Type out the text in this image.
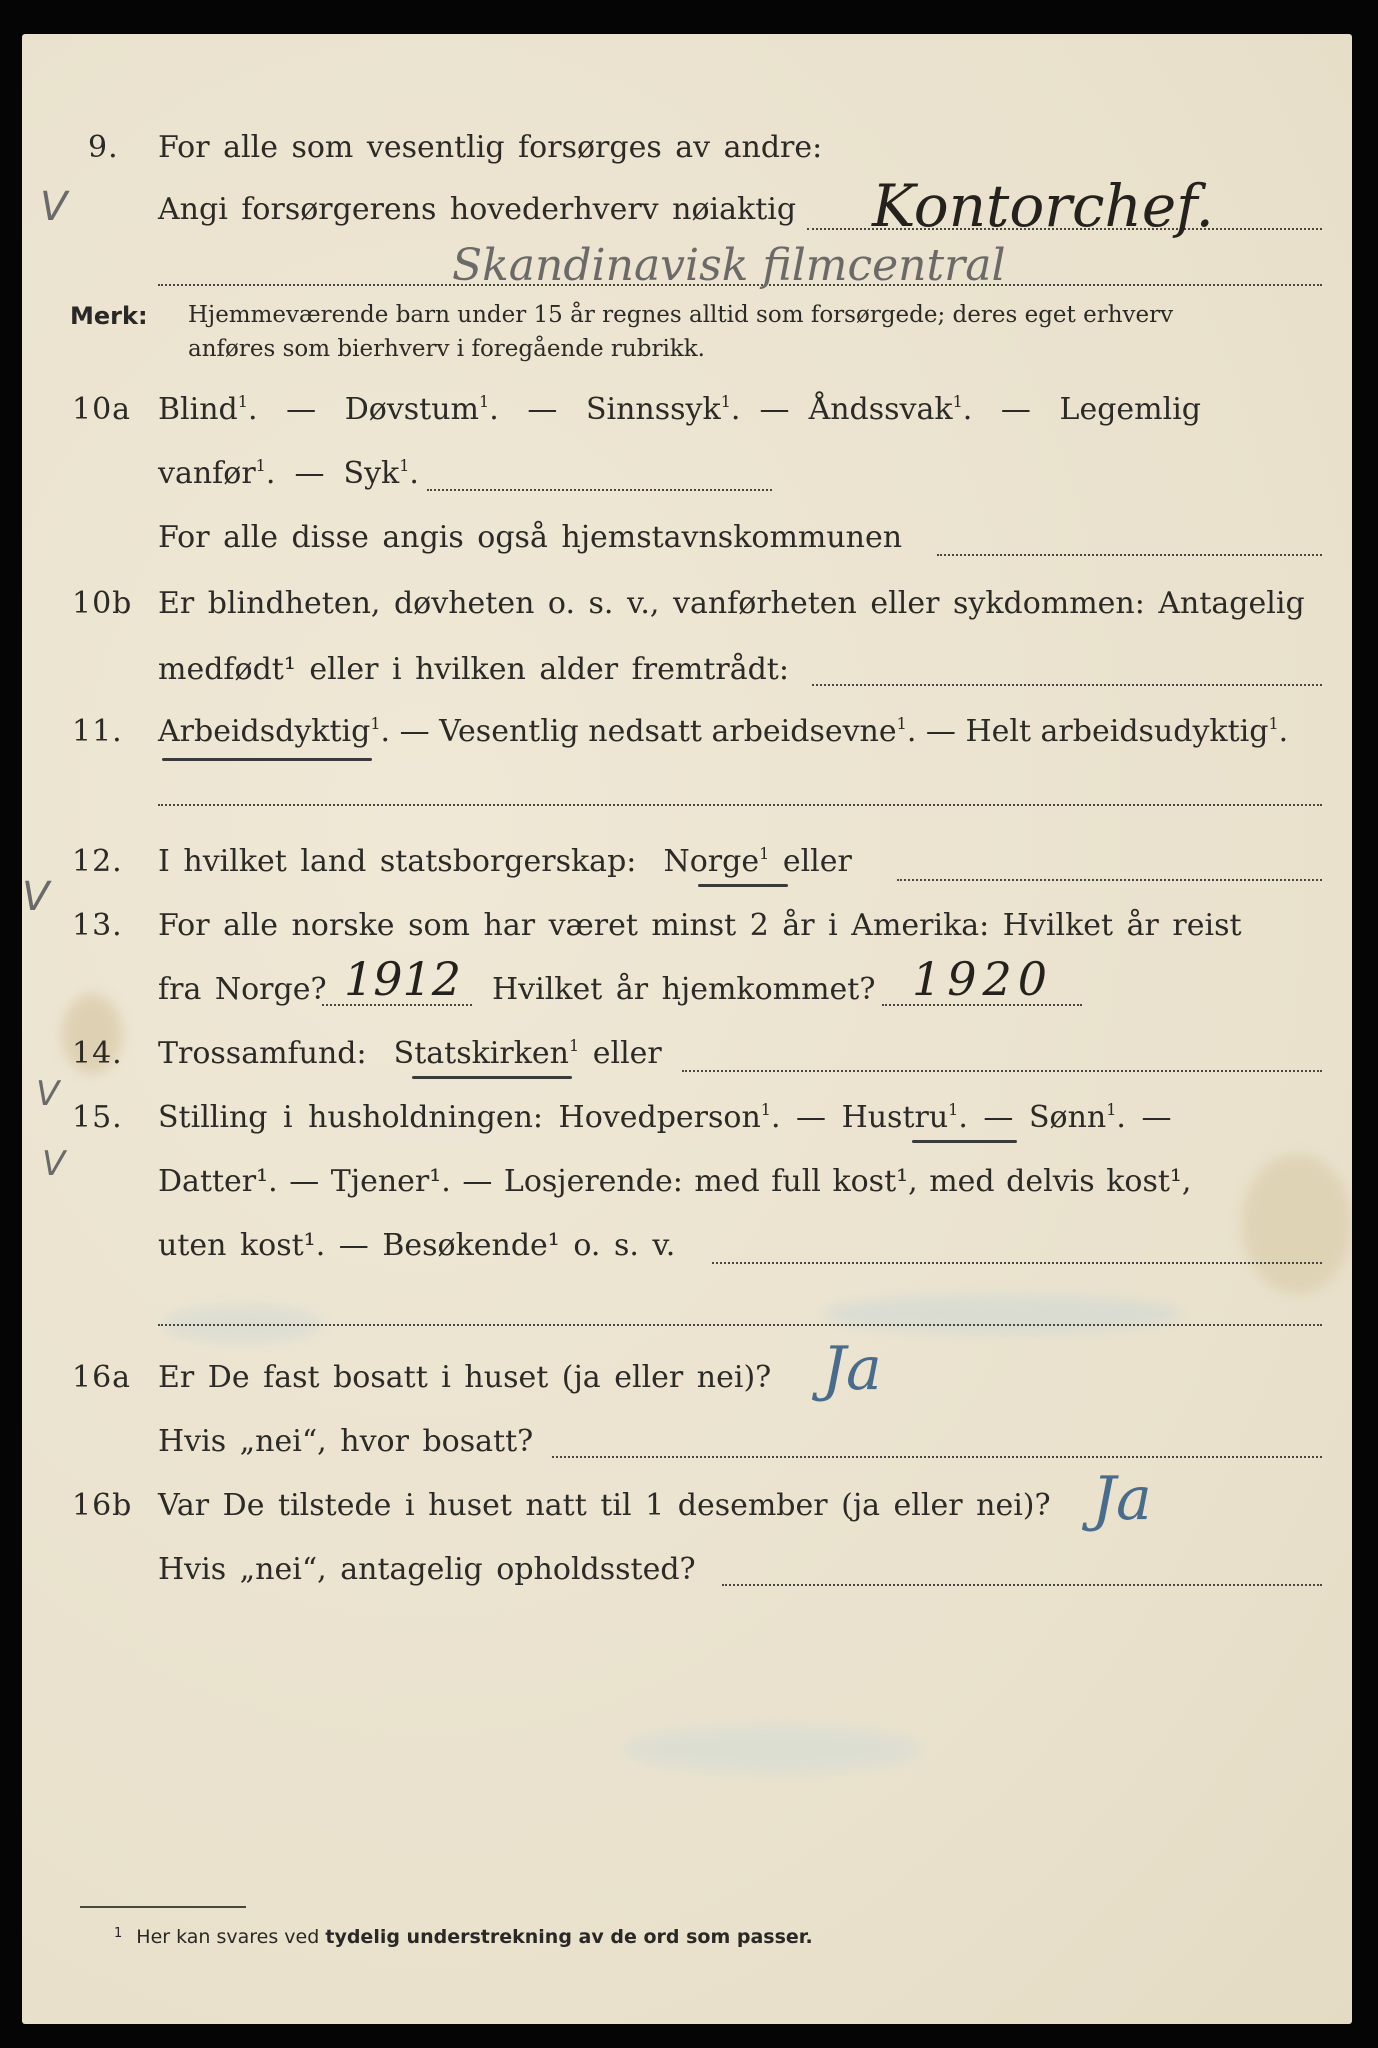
V
V
V
V
9. For alle som vesentlig forsørges av andre:
Angi forsørgerens hovederhverv nøiaktig Kontorchef.
Skandinavisk filmcentral
Merk: Hjemmeværende barn under 15 år regnes alltid som forsørgede; deres eget erhverv
anføres som bierhverv i foregående rubrikk.
10a Blind$^1$.   —   Døvstum$^1$.   —   Sinnssyk$^1$.  —  Åndssvak$^1$.   —   Legemlig
vanfør$^1$.  —  Syk$^1$.
For alle disse angis også hjemstavnskommunen
10b Er blindheten, døvheten o. s. v., vanførheten eller sykdommen: Antagelig
medfødt¹ eller i hvilken alder fremtrådt:
11. Arbeidsdyktig$^1$. — Vesentlig nedsatt arbeidsevne$^1$. — Helt arbeidsudyktig$^1$.
12. I hvilket land statsborgerskap: Norge$^1$ eller
13. For alle norske som har været minst 2 år i Amerika: Hvilket år reist
fra Norge? 1912 Hvilket år hjemkommet? 1920
14. Trossamfund: Statskirken$^1$ eller
15. Stilling i husholdningen: Hovedperson$^1$. — Hustru$^1$. — Sønn$^1$. —
Datter¹. — Tjener¹. — Losjerende: med full kost¹, med delvis kost¹,
uten kost¹. — Besøkende¹ o. s. v.
16a Er De fast bosatt i huset (ja eller nei)? Ja
Hvis „nei“, hvor bosatt?
16b Var De tilstede i huset natt til 1 desember (ja eller nei)? Ja
Hvis „nei“, antagelig opholdssted?
$^1$ Her kan svares ved tydelig understrekning av de ord som passer.
